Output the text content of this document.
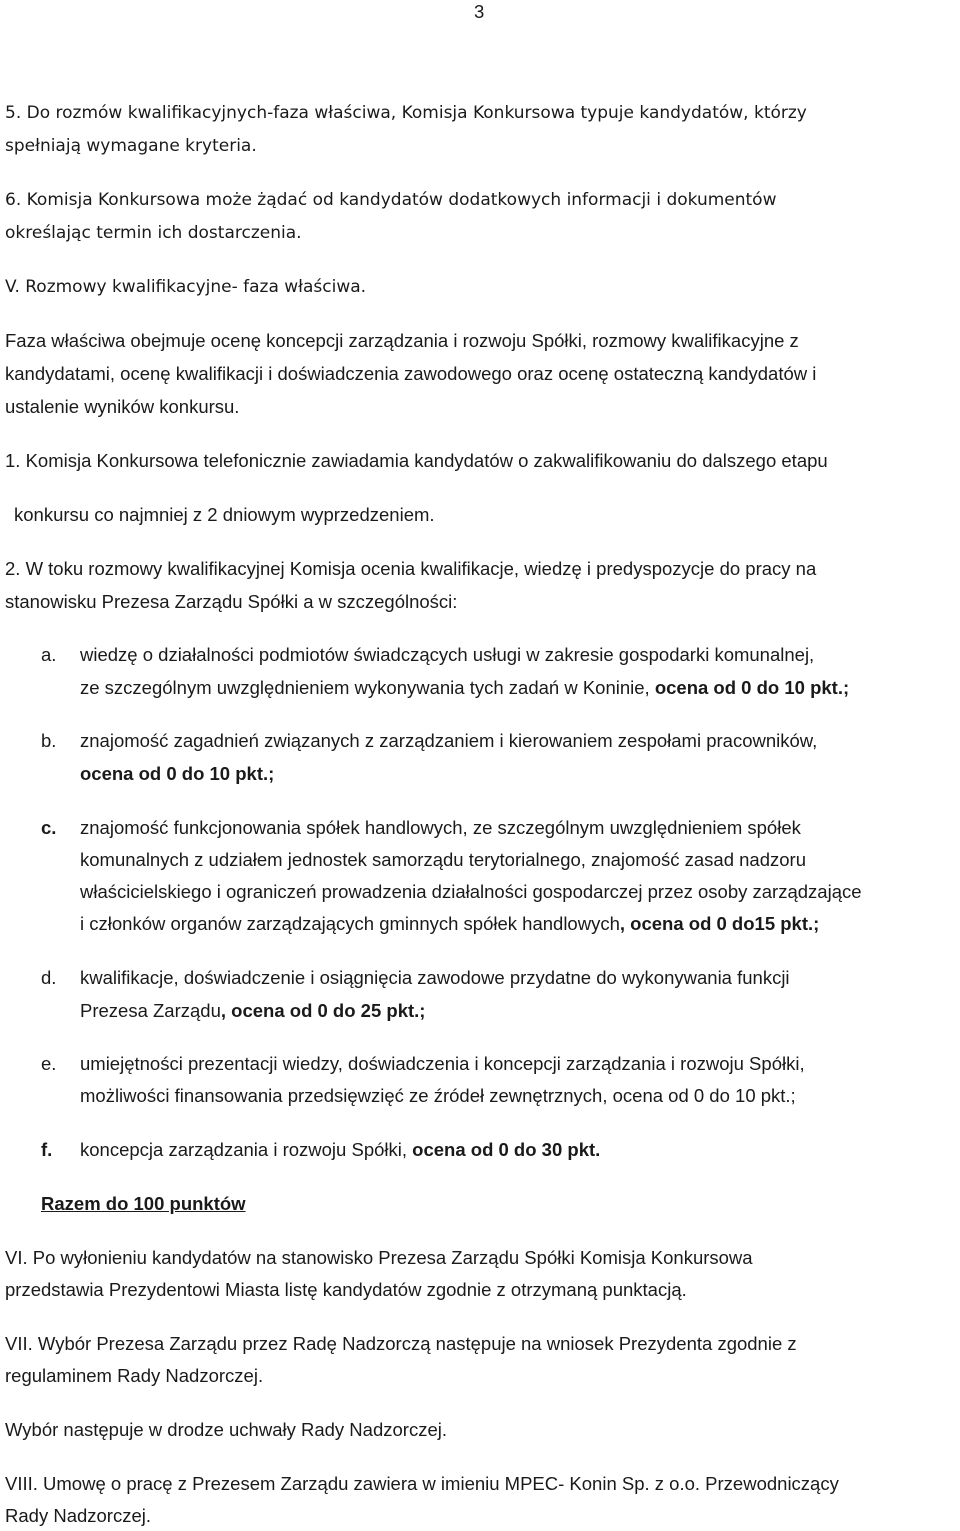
3
5. Do rozmów kwalifikacyjnych-faza właściwa, Komisja Konkursowa typuje kandydatów, którzy
spełniają wymagane kryteria.
6. Komisja Konkursowa może żądać od kandydatów dodatkowych informacji i dokumentów
określając termin ich dostarczenia.
V. Rozmowy kwalifikacyjne- faza właściwa.
Faza właściwa obejmuje ocenę koncepcji zarządzania i rozwoju Spółki, rozmowy kwalifikacyjne z
kandydatami, ocenę kwalifikacji i doświadczenia zawodowego oraz ocenę ostateczną kandydatów i
ustalenie wyników konkursu.
1. Komisja Konkursowa telefonicznie zawiadamia kandydatów o zakwalifikowaniu do dalszego etapu
konkursu co najmniej z 2 dniowym wyprzedzeniem.
2. W toku rozmowy kwalifikacyjnej Komisja ocenia kwalifikacje, wiedzę i predyspozycje do pracy na
stanowisku Prezesa Zarządu Spółki a w szczególności:
a. wiedzę o działalności podmiotów świadczących usługi w zakresie gospodarki komunalnej,
ze szczególnym uwzględnieniem wykonywania tych zadań w Koninie, ocena od 0 do 10 pkt.;
b. znajomość zagadnień związanych z zarządzaniem i kierowaniem zespołami pracowników,
ocena od 0 do 10 pkt.;
c. znajomość funkcjonowania spółek handlowych, ze szczególnym uwzględnieniem spółek
komunalnych z udziałem jednostek samorządu terytorialnego, znajomość zasad nadzoru
właścicielskiego i ograniczeń prowadzenia działalności gospodarczej przez osoby zarządzające
i członków organów zarządzających gminnych spółek handlowych, ocena od 0 do15 pkt.;
d. kwalifikacje, doświadczenie i osiągnięcia zawodowe przydatne do wykonywania funkcji
Prezesa Zarządu, ocena od 0 do 25 pkt.;
e. umiejętności prezentacji wiedzy, doświadczenia i koncepcji zarządzania i rozwoju Spółki,
możliwości finansowania przedsięwzięć ze źródeł zewnętrznych, ocena od 0 do 10 pkt.;
f. koncepcja zarządzania i rozwoju Spółki, ocena od 0 do 30 pkt.
Razem do 100 punktów
VI. Po wyłonieniu kandydatów na stanowisko Prezesa Zarządu Spółki Komisja Konkursowa
przedstawia Prezydentowi Miasta listę kandydatów zgodnie z otrzymaną punktacją.
VII. Wybór Prezesa Zarządu przez Radę Nadzorczą następuje na wniosek Prezydenta zgodnie z
regulaminem Rady Nadzorczej.
Wybór następuje w drodze uchwały Rady Nadzorczej.
VIII. Umowę o pracę z Prezesem Zarządu zawiera w imieniu MPEC- Konin Sp. z o.o. Przewodniczący
Rady Nadzorczej.
